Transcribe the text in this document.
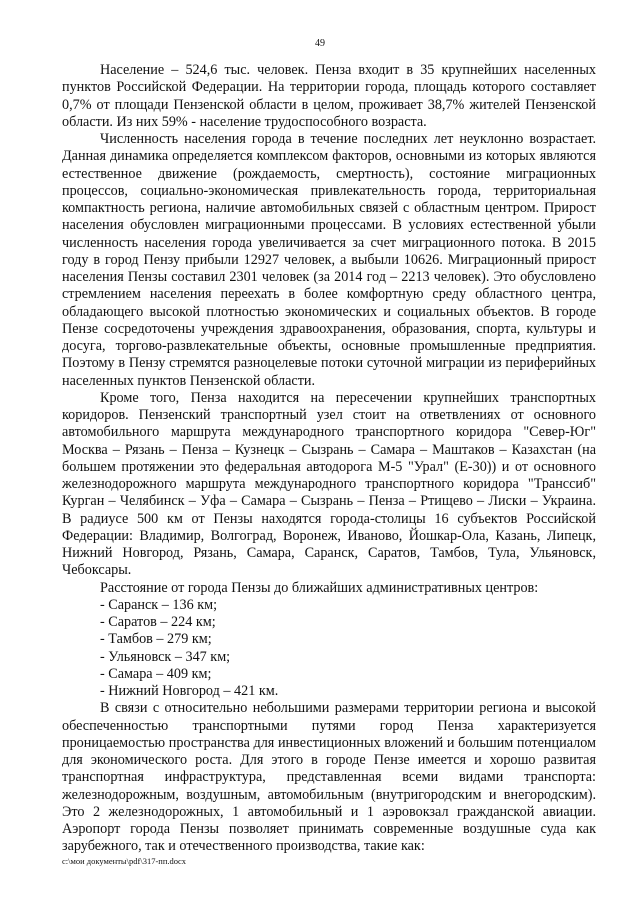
49

Население – 524,6 тыс. человек. Пенза входит в 35 крупнейших населенных пунктов Российской Федерации. На территории города, площадь которого составляет 0,7% от площади Пензенской области в целом, проживает 38,7% жителей Пензенской области. Из них 59% - население трудоспособного возраста.

Численность населения города в течение последних лет неуклонно возрастает. Данная динамика определяется комплексом факторов, основными из которых являются естественное движение (рождаемость, смертность), состояние миграционных процессов, социально-экономическая привлекательность города, территориальная компактность региона, наличие автомобильных связей с областным центром. Прирост населения обусловлен миграционными процессами. В условиях естественной убыли численность населения города увеличивается за счет миграционного потока. В 2015 году в город Пензу прибыли 12927 человек, а выбыли 10626. Миграционный прирост населения Пензы составил 2301 человек (за 2014 год – 2213 человек). Это обусловлено стремлением населения переехать в более комфортную среду областного центра, обладающего высокой плотностью экономических и социальных объектов. В городе Пензе сосредоточены учреждения здравоохранения, образования, спорта, культуры и досуга, торгово-развлекательные объекты, основные промышленные предприятия. Поэтому в Пензу стремятся разноцелевые потоки суточной миграции из периферийных населенных пунктов Пензенской области.

Кроме того, Пенза находится на пересечении крупнейших транспортных коридоров. Пензенский транспортный узел стоит на ответвлениях от основного автомобильного маршрута международного транспортного коридора "Север-Юг" Москва – Рязань – Пенза – Кузнецк – Сызрань – Самара – Маштаков – Казахстан (на большем протяжении это федеральная автодорога М-5 "Урал" (Е-30)) и от основного железнодорожного маршрута международного транспортного коридора "Транссиб" Курган – Челябинск – Уфа – Самара – Сызрань – Пенза – Ртищево – Лиски – Украина. В радиусе 500 км от Пензы находятся города-столицы 16 субъектов Российской Федерации: Владимир, Волгоград, Воронеж, Иваново, Йошкар-Ола, Казань, Липецк, Нижний Новгород, Рязань, Самара, Саранск, Саратов, Тамбов, Тула, Ульяновск, Чебоксары.

Расстояние от города Пензы до ближайших административных центров:

- Саранск – 136 км;
- Саратов – 224 км;
- Тамбов – 279 км;
- Ульяновск – 347 км;
- Самара – 409 км;
- Нижний Новгород – 421 км.

В связи с относительно небольшими размерами территории региона и высокой обеспеченностью транспортными путями город Пенза характеризуется проницаемостью пространства для инвестиционных вложений и большим потенциалом для экономического роста. Для этого в городе Пензе имеется и хорошо развитая транспортная инфраструктура, представленная всеми видами транспорта: железнодорожным, воздушным, автомобильным (внутригородским и внегородским). Это 2 железнодорожных, 1 автомобильный и 1 аэровокзал гражданской авиации. Аэропорт города Пензы позволяет принимать современные воздушные суда как зарубежного, так и отечественного производства, такие как:

c:\мои документы\pdf\317-пп.docx
